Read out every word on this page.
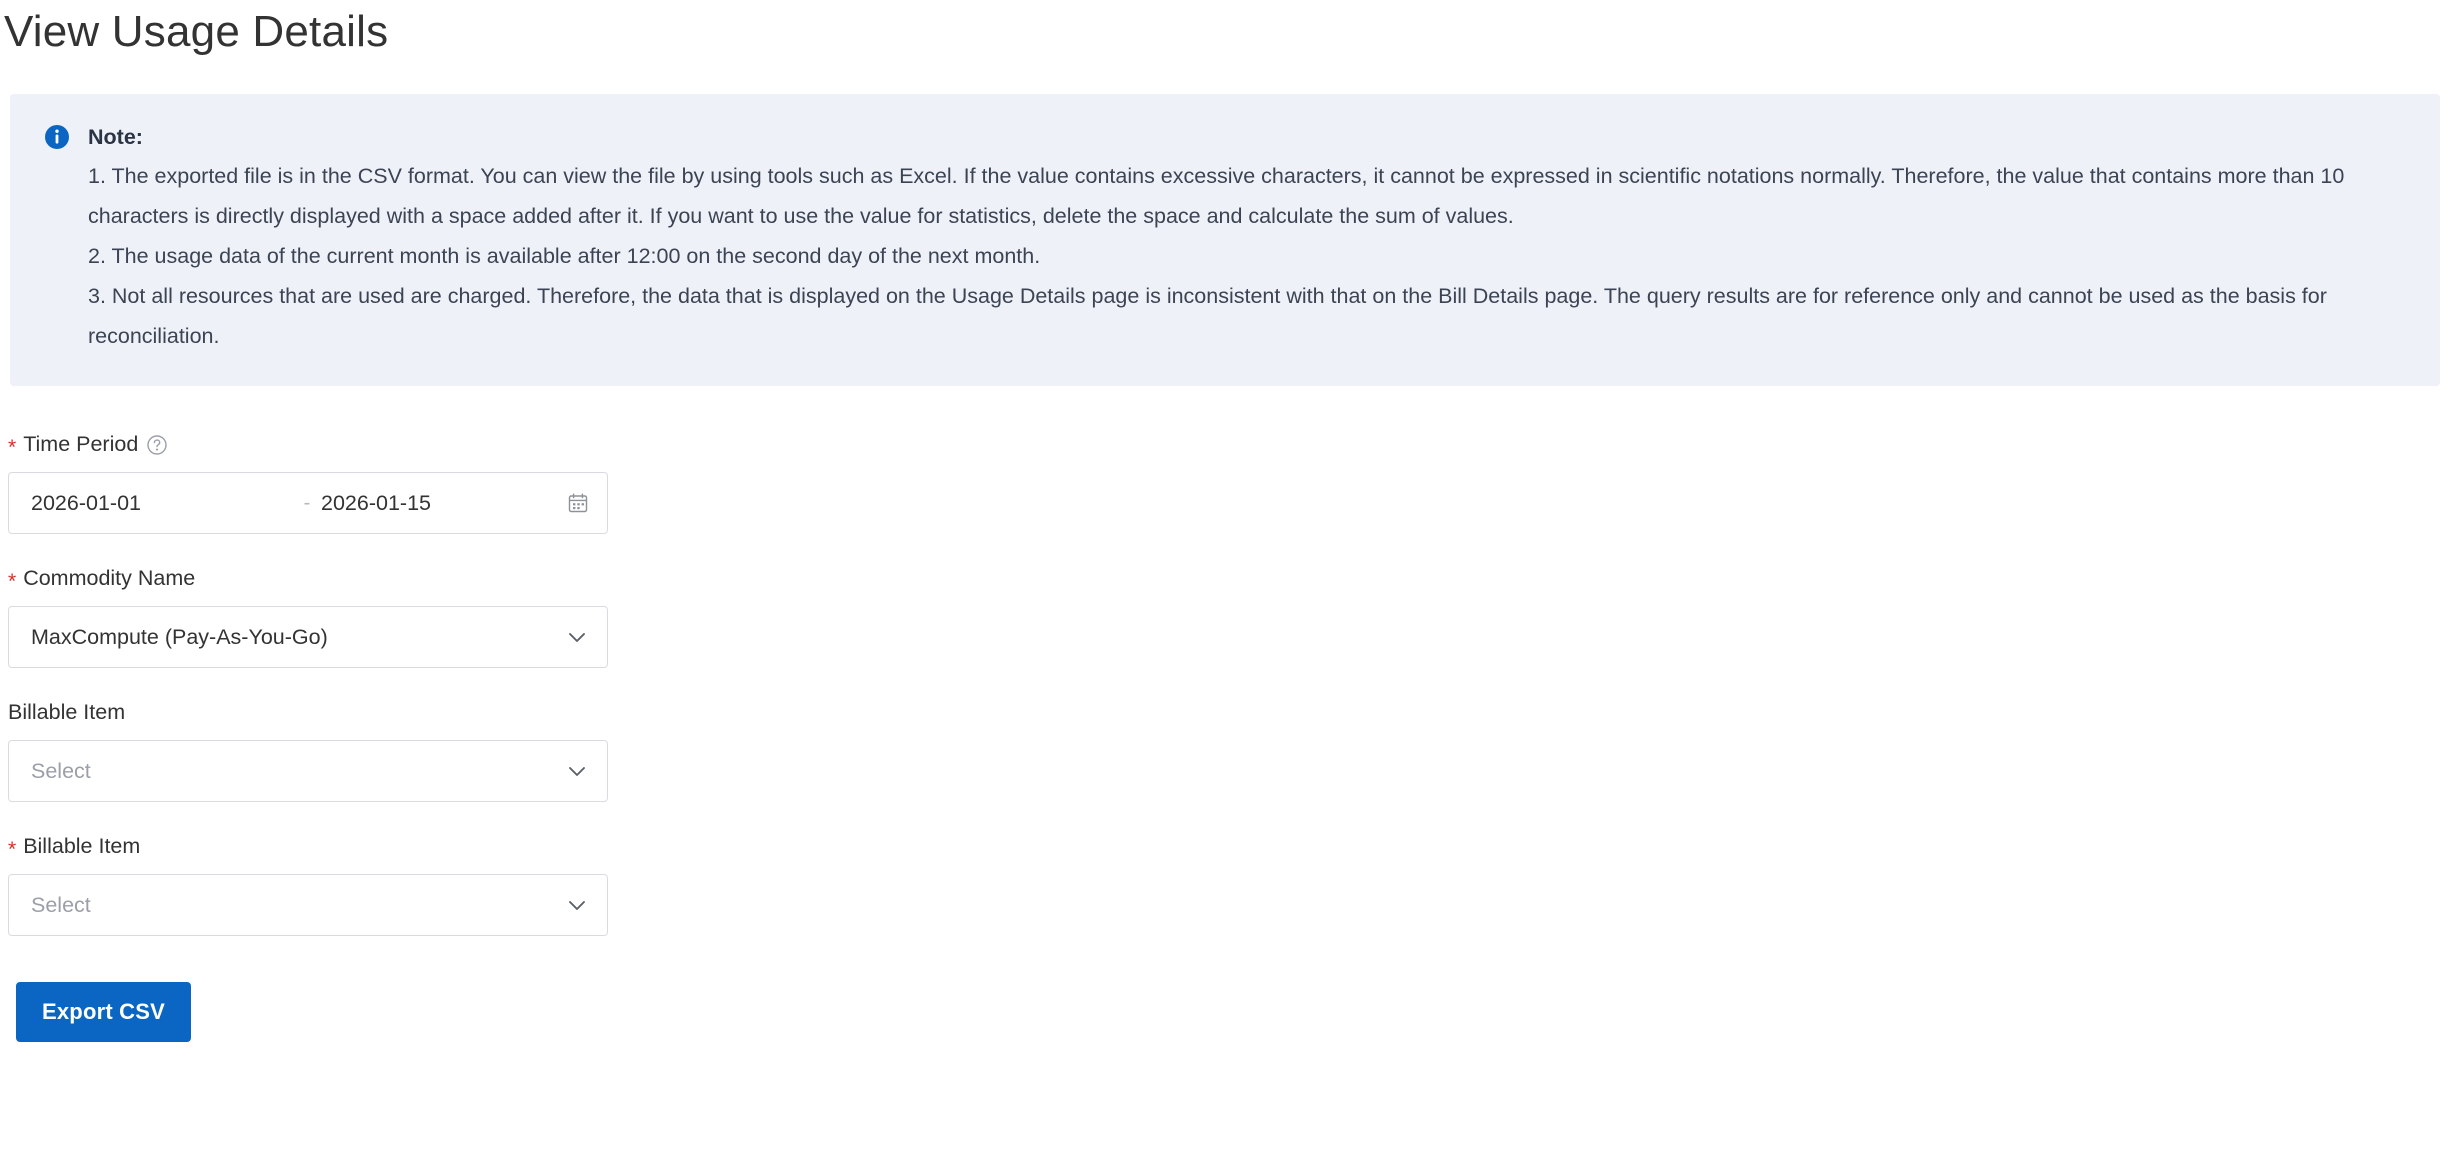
View Usage Details
Note:
1. The exported file is in the CSV format. You can view the file by using tools such as Excel. If the value contains excessive characters, it cannot be expressed in scientific notations normally. Therefore, the value that contains more than 10 characters is directly displayed with a space added after it. If you want to use the value for statistics, delete the space and calculate the sum of values.
2. The usage data of the current month is available after 12:00 on the second day of the next month.
3. Not all resources that are used are charged. Therefore, the data that is displayed on the Usage Details page is inconsistent with that on the Bill Details page. The query results are for reference only and cannot be used as the basis for reconciliation.
* Time Period
2026-01-01	- 2026-01-15
* Commodity Name
MaxCompute (Pay-As-You-Go)
Billable Item
Select
* Billable Item
Select
Export CSV
